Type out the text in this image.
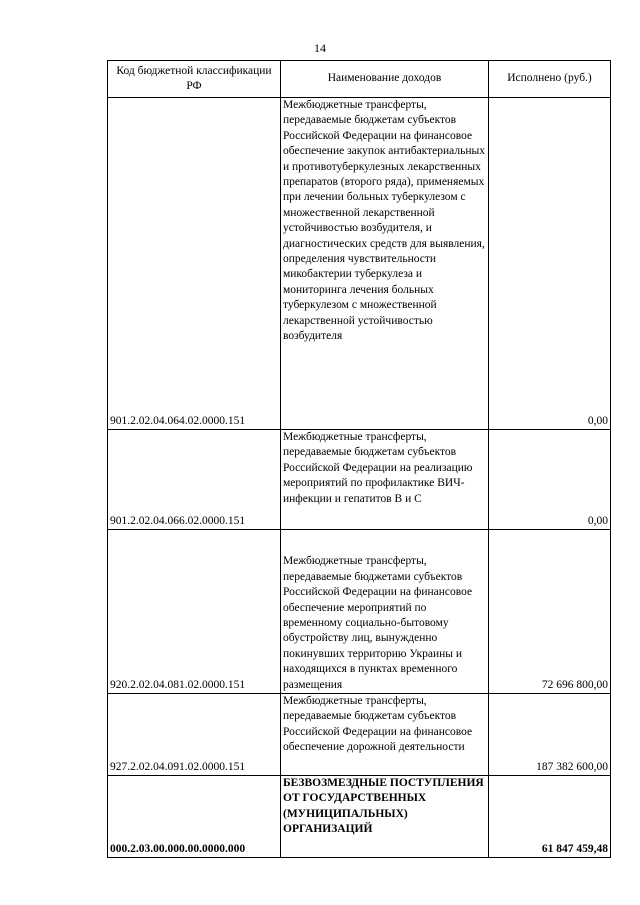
14
Код бюджетной классификации РФ	Наименование доходов	Исполнено (руб.)
901.2.02.04.064.02.0000.151	Межбюджетные трансферты, передаваемые бюджетам субъектов Российской Федерации на финансовое обеспечение закупок антибактериальных и противотуберкулезных лекарственных препаратов (второго ряда), применяемых при лечении больных туберкулезом с множественной лекарственной устойчивостью возбудителя, и диагностических средств для выявления, определения чувствительности микобактерии туберкулеза и мониторинга лечения больных туберкулезом с множественной лекарственной устойчивостью возбудителя	0,00
901.2.02.04.066.02.0000.151	Межбюджетные трансферты, передаваемые бюджетам субъектов Российской Федерации на реализацию мероприятий по профилактике ВИЧ-инфекции и гепатитов B и C	0,00
920.2.02.04.081.02.0000.151	Межбюджетные трансферты, передаваемые бюджетами субъектов Российской Федерации на финансовое обеспечение мероприятий по временному социально-бытовому обустройству лиц, вынужденно покинувших территорию Украины и находящихся в пунктах временного размещения	72 696 800,00
927.2.02.04.091.02.0000.151	Межбюджетные трансферты, передаваемые бюджетам субъектов Российской Федерации на финансовое обеспечение дорожной деятельности	187 382 600,00
000.2.03.00.000.00.0000.000	БЕЗВОЗМЕЗДНЫЕ ПОСТУПЛЕНИЯ ОТ ГОСУДАРСТВЕННЫХ (МУНИЦИПАЛЬНЫХ) ОРГАНИЗАЦИЙ	61 847 459,48
